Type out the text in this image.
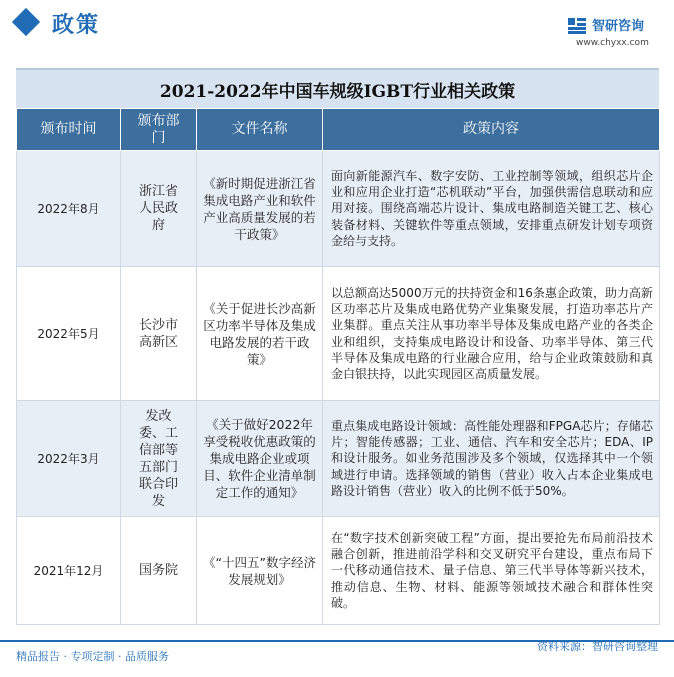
政策	智研咨询
www.chyxx.com
2021-2022年中国车规级IGBT行业相关政策
颁布时间	颁布部门	文件名称	政策内容
2022年8月	浙江省人民政府	《新时期促进浙江省集成电路产业和软件产业高质量发展的若干政策》	面向新能源汽车、数字安防、工业控制等领域，组织芯片企业和应用企业打造“芯机联动”平台，加强供需信息联动和应用对接。围绕高端芯片设计、集成电路制造关键工艺、核心装备材料、关键软件等重点领域，安排重点研发计划专项资金给与支持。
2022年5月	长沙市高新区	《关于促进长沙高新区功率半导体及集成电路发展的若干政策》	以总额高达5000万元的扶持资金和16条惠企政策，助力高新区功率芯片及集成电路优势产业集聚发展，打造功率芯片产业集群。重点关注从事功率半导体及集成电路产业的各类企业和组织，支持集成电路设计和设备、功率半导体、第三代半导体及集成电路的行业融合应用，给与企业政策鼓励和真金白银扶持，以此实现园区高质量发展。
2022年3月	发改委、工信部等五部门联合印发	《关于做好2022年享受税收优惠政策的集成电路企业或项目、软件企业清单制定工作的通知》	重点集成电路设计领域：高性能处理器和FPGA芯片；存储芯片；智能传感器；工业、通信、汽车和安全芯片；EDA、IP和设计服务。如业务范围涉及多个领域，仅选择其中一个领域进行申请。选择领域的销售（营业）收入占本企业集成电路设计销售（营业）收入的比例不低于50%。
2021年12月	国务院	《“十四五”数字经济发展规划》	在“数字技术创新突破工程”方面，提出要抢先布局前沿技术融合创新，推进前沿学科和交叉研究平台建设，重点布局下一代移动通信技术、量子信息、第三代半导体等新兴技术，推动信息、生物、材料、能源等领域技术融合和群体性突破。
精品报告 · 专项定制 · 品质服务
资料来源：智研咨询整理
